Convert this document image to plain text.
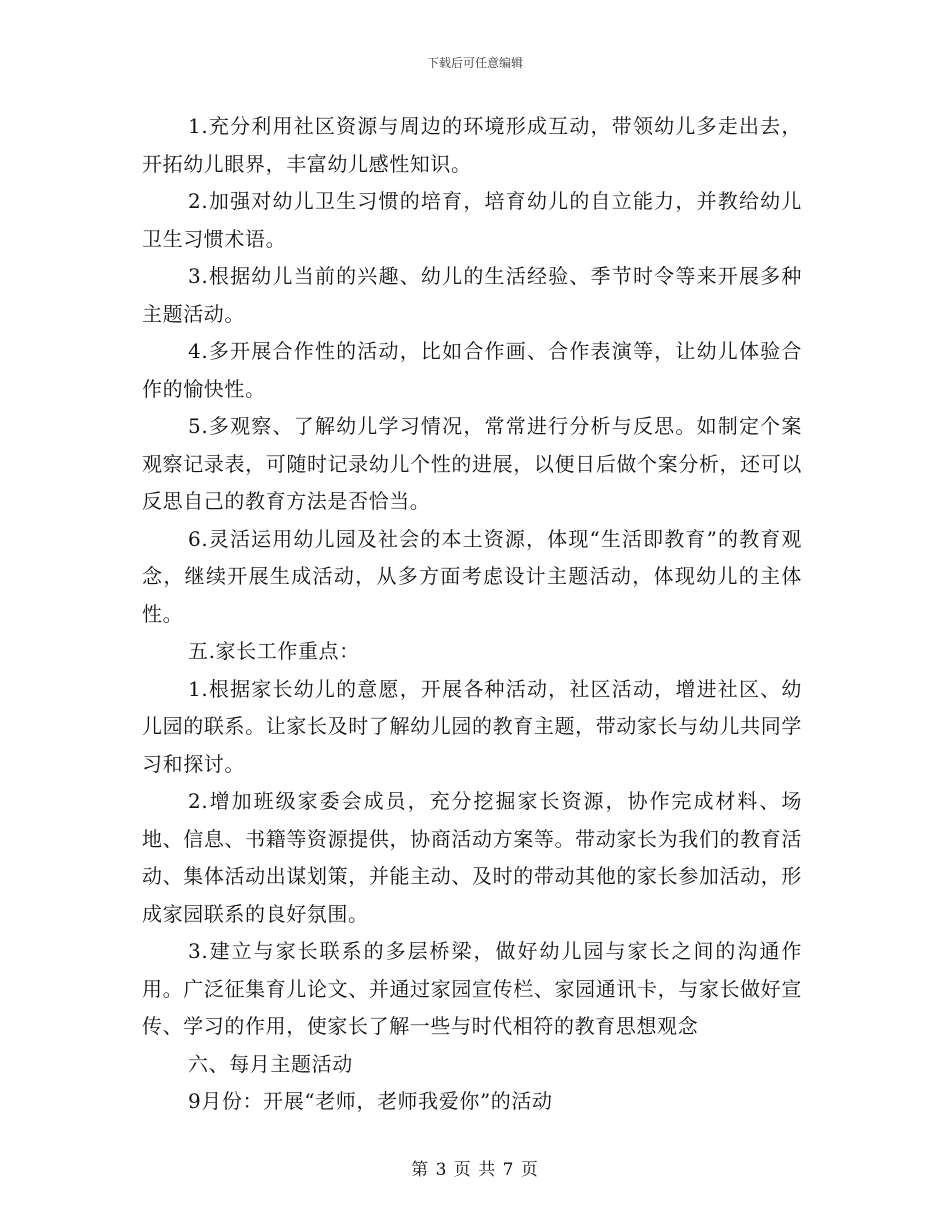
下载后可任意编辑

1.充分利用社区资源与周边的环境形成互动，带领幼儿多走出去，开拓幼儿眼界，丰富幼儿感性知识。

2.加强对幼儿卫生习惯的培育，培育幼儿的自立能力，并教给幼儿卫生习惯术语。

3.根据幼儿当前的兴趣、幼儿的生活经验、季节时令等来开展多种主题活动。

4.多开展合作性的活动，比如合作画、合作表演等，让幼儿体验合作的愉快性。

5.多观察、了解幼儿学习情况，常常进行分析与反思。如制定个案观察记录表，可随时记录幼儿个性的进展，以便日后做个案分析，还可以反思自己的教育方法是否恰当。

6.灵活运用幼儿园及社会的本土资源，体现“生活即教育”的教育观念，继续开展生成活动，从多方面考虑设计主题活动，体现幼儿的主体性。

五.家长工作重点：

1.根据家长幼儿的意愿，开展各种活动，社区活动，增进社区、幼儿园的联系。让家长及时了解幼儿园的教育主题，带动家长与幼儿共同学习和探讨。

2.增加班级家委会成员，充分挖掘家长资源，协作完成材料、场地、信息、书籍等资源提供，协商活动方案等。带动家长为我们的教育活动、集体活动出谋划策，并能主动、及时的带动其他的家长参加活动，形成家园联系的良好氛围。

3.建立与家长联系的多层桥梁，做好幼儿园与家长之间的沟通作用。广泛征集育儿论文、并通过家园宣传栏、家园通讯卡，与家长做好宣传、学习的作用，使家长了解一些与时代相符的教育思想观念

六、每月主题活动

9月份：开展“老师，老师我爱你”的活动

第 3 页 共 7 页
